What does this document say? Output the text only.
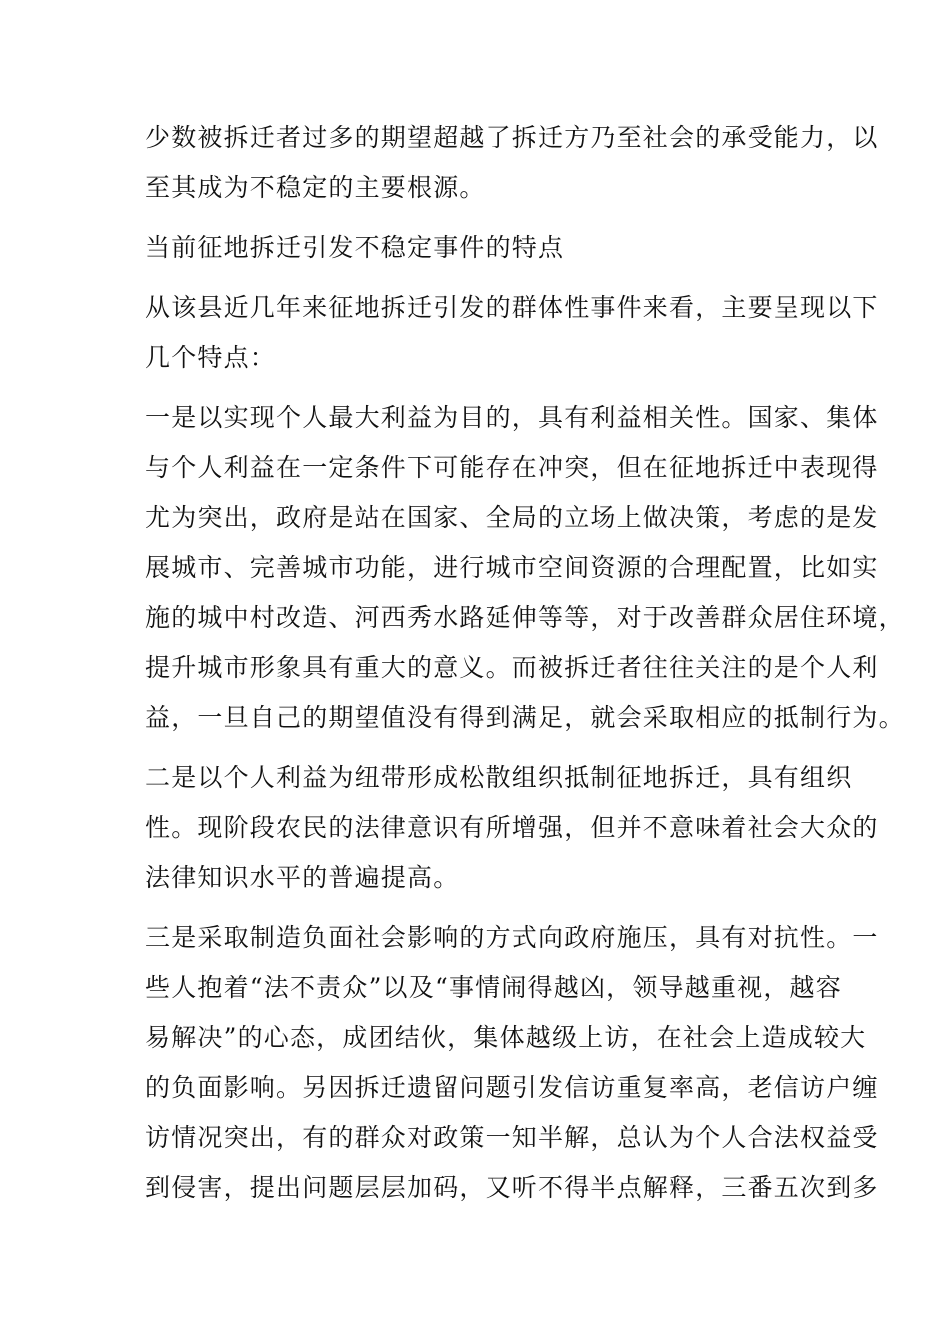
少数被拆迁者过多的期望超越了拆迁方乃至社会的承受能力，以
至其成为不稳定的主要根源。
当前征地拆迁引发不稳定事件的特点
从该县近几年来征地拆迁引发的群体性事件来看，主要呈现以下
几个特点：
一是以实现个人最大利益为目的，具有利益相关性。国家、集体
与个人利益在一定条件下可能存在冲突，但在征地拆迁中表现得
尤为突出，政府是站在国家、全局的立场上做决策，考虑的是发
展城市、完善城市功能，进行城市空间资源的合理配置，比如实
施的城中村改造、河西秀水路延伸等等，对于改善群众居住环境，
提升城市形象具有重大的意义。而被拆迁者往往关注的是个人利
益，一旦自己的期望值没有得到满足，就会采取相应的抵制行为。
二是以个人利益为纽带形成松散组织抵制征地拆迁，具有组织
性。现阶段农民的法律意识有所增强，但并不意味着社会大众的
法律知识水平的普遍提高。
三是采取制造负面社会影响的方式向政府施压，具有对抗性。一
些人抱着“法不责众”以及“事情闹得越凶，领导越重视，越容
易解决”的心态，成团结伙，集体越级上访，在社会上造成较大
的负面影响。另因拆迁遗留问题引发信访重复率高，老信访户缠
访情况突出，有的群众对政策一知半解，总认为个人合法权益受
到侵害，提出问题层层加码，又听不得半点解释，三番五次到多
